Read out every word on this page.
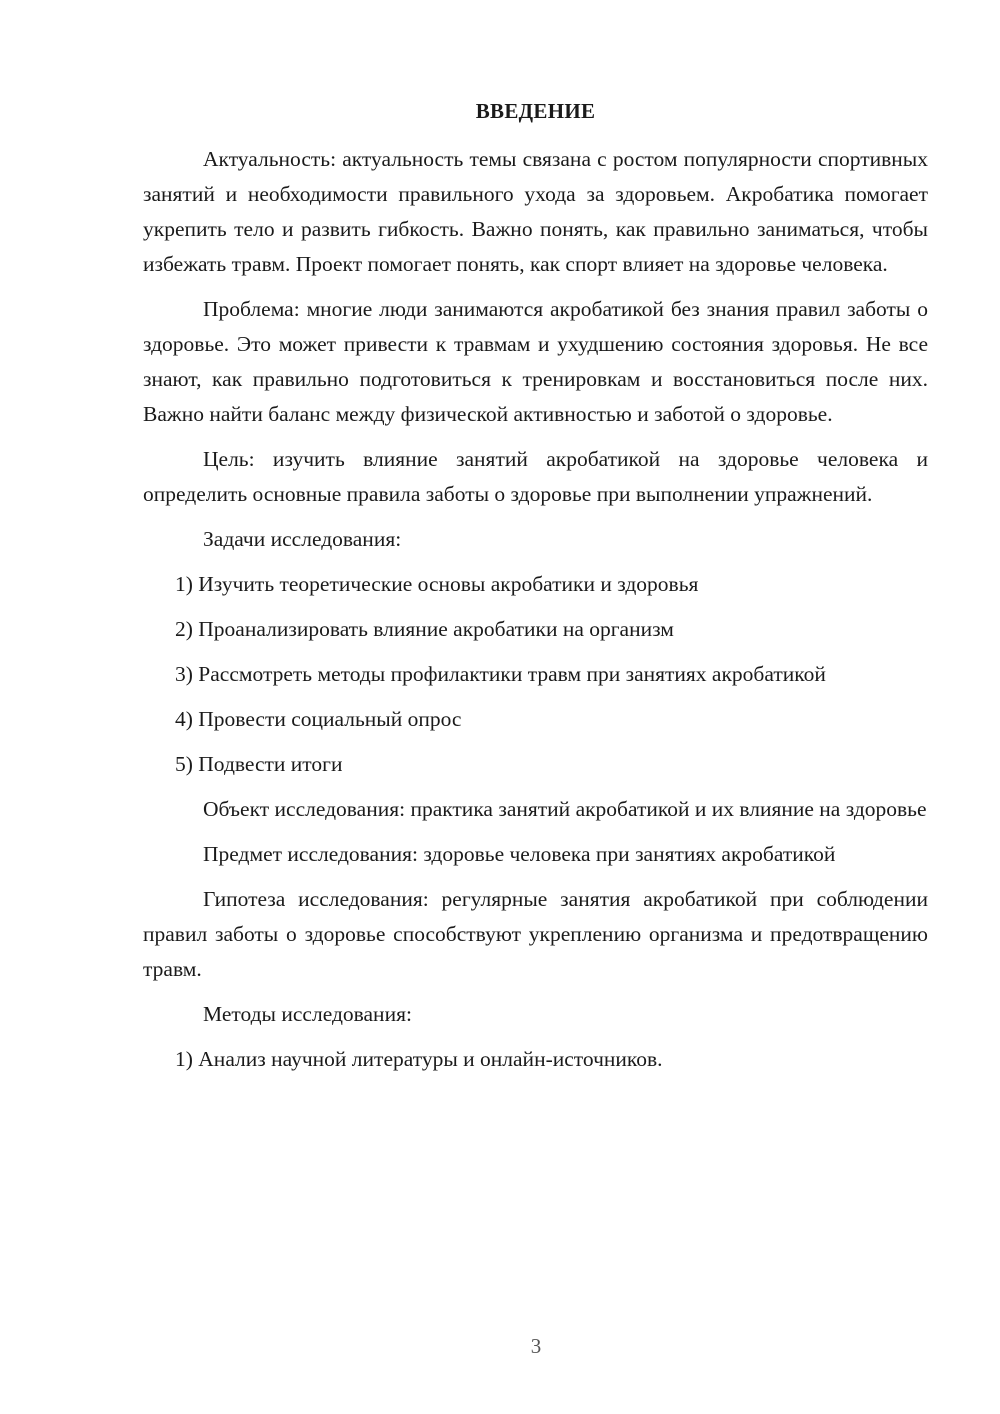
ВВЕДЕНИЕ

Актуальность: актуальность темы связана с ростом популярности спортивных занятий и необходимости правильного ухода за здоровьем. Акробатика помогает укрепить тело и развить гибкость. Важно понять, как правильно заниматься, чтобы избежать травм. Проект помогает понять, как спорт влияет на здоровье человека.

Проблема: многие люди занимаются акробатикой без знания правил заботы о здоровье. Это может привести к травмам и ухудшению состояния здоровья. Не все знают, как правильно подготовиться к тренировкам и восстановиться после них. Важно найти баланс между физической активностью и заботой о здоровье.

Цель: изучить влияние занятий акробатикой на здоровье человека и определить основные правила заботы о здоровье при выполнении упражнений.

Задачи исследования:

1) Изучить теоретические основы акробатики и здоровья

2) Проанализировать влияние акробатики на организм

3) Рассмотреть методы профилактики травм при занятиях акробатикой

4) Провести социальный опрос

5) Подвести итоги

Объект исследования: практика занятий акробатикой и их влияние на здоровье

Предмет исследования: здоровье человека при занятиях акробатикой

Гипотеза исследования: регулярные занятия акробатикой при соблюдении правил заботы о здоровье способствуют укреплению организма и предотвращению травм.

Методы исследования:

1) Анализ научной литературы и онлайн-источников.

3
